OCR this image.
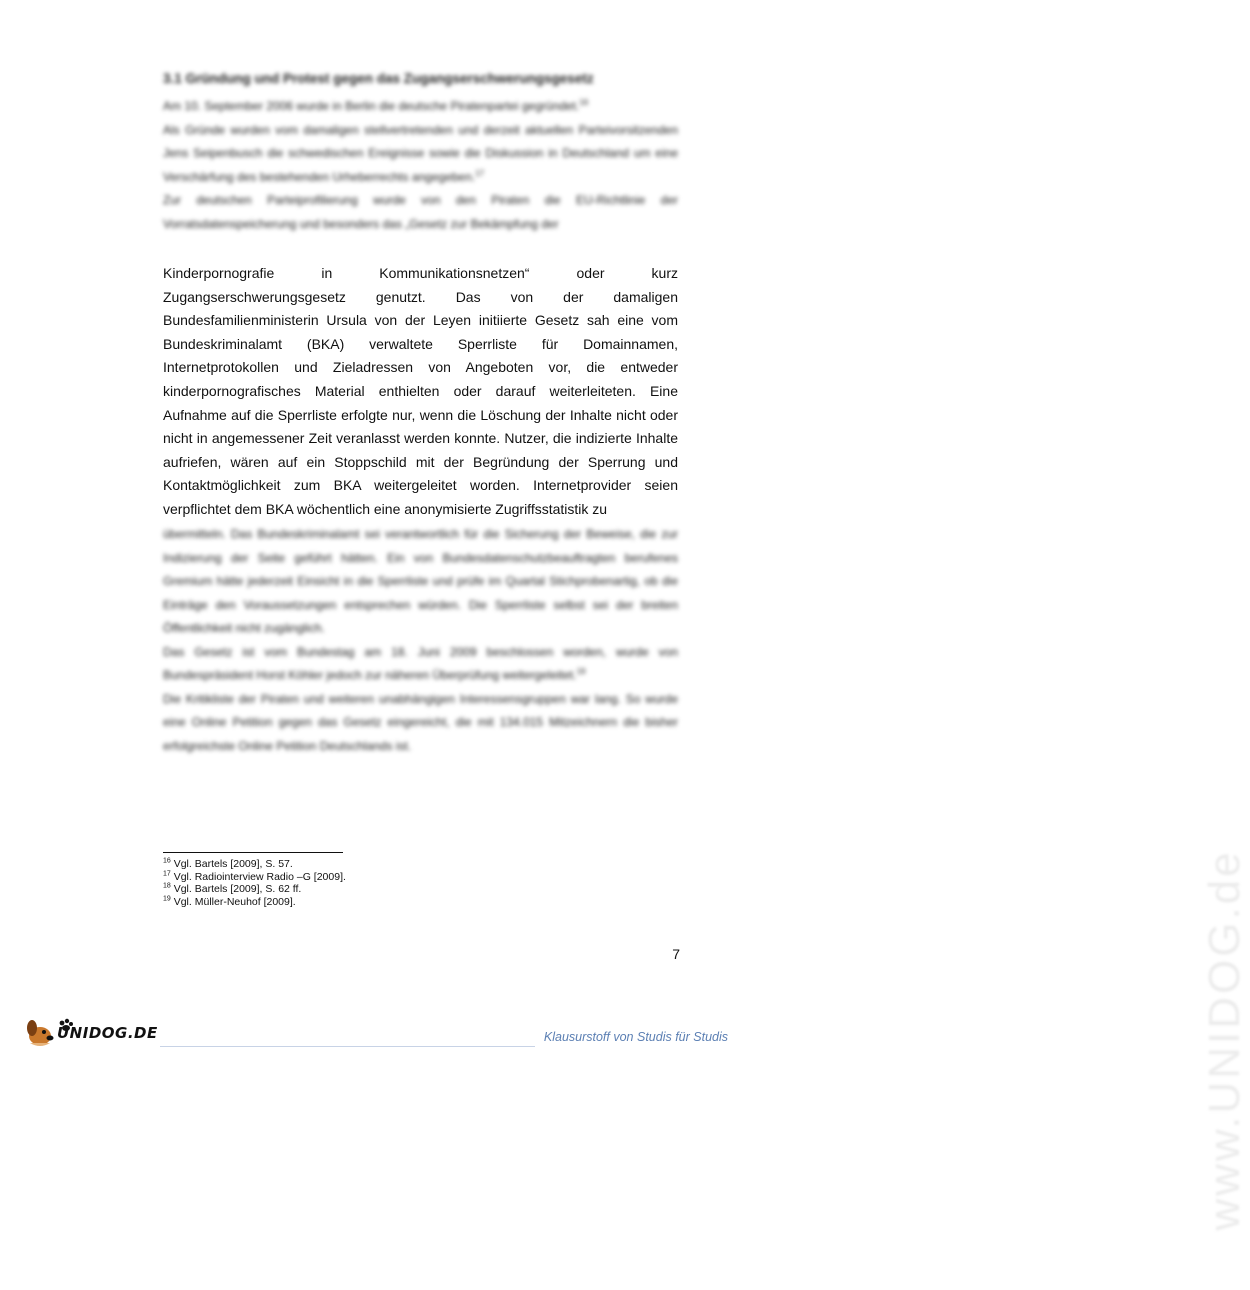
3.1 Gründung und Protest gegen das Zugangserschwerungsgesetz

Am 10. September 2006 wurde in Berlin die deutsche Piratenpartei gegründet.$^{16}$

Als Gründe wurden vom damaligen stellvertretenden und derzeit aktuellen Parteivorsitzenden Jens Seipenbusch die schwedischen Ereignisse sowie die Diskussion in Deutschland um eine Verschärfung des bestehenden Urheberrechts angegeben.$^{17}$

Zur deutschen Parteiprofilierung wurde von den Piraten die EU-Richtlinie der Vorratsdatenspeicherung und besonders das „Gesetz zur Bekämpfung der

Kinderpornografie in Kommunikationsnetzen“ oder kurz Zugangserschwerungsgesetz genutzt. Das von der damaligen Bundesfamilienministerin Ursula von der Leyen initiierte Gesetz sah eine vom Bundeskriminalamt (BKA) verwaltete Sperrliste für Domainnamen, Internetprotokollen und Zieladressen von Angeboten vor, die entweder kinderpornografisches Material enthielten oder darauf weiterleiteten. Eine Aufnahme auf die Sperrliste erfolgte nur, wenn die Löschung der Inhalte nicht oder nicht in angemessener Zeit veranlasst werden konnte. Nutzer, die indizierte Inhalte aufriefen, wären auf ein Stoppschild mit der Begründung der Sperrung und Kontaktmöglichkeit zum BKA weitergeleitet worden. Internetprovider seien verpflichtet dem BKA wöchentlich eine anonymisierte Zugriffsstatistik zu

übermitteln. Das Bundeskriminalamt sei verantwortlich für die Sicherung der Beweise, die zur Indizierung der Seite geführt hätten. Ein von Bundesdatenschutzbeauftragten berufenes Gremium hätte jederzeit Einsicht in die Sperrliste und prüfe im Quartal Stichprobenartig, ob die Einträge den Voraussetzungen entsprechen würden. Die Sperrliste selbst sei der breiten Öffentlichkeit nicht zugänglich.

Das Gesetz ist vom Bundestag am 18. Juni 2009 beschlossen worden, wurde von Bundespräsident Horst Köhler jedoch zur näheren Überprüfung weitergeleitet.$^{19}$

Die Kritikliste der Piraten und weiteren unabhängigen Interessensgruppen war lang. So wurde eine Online Petition gegen das Gesetz eingereicht, die mit 134.015 Mitzeichnern die bisher erfolgreichste Online Petition Deutschlands ist.

$^{16}$ Vgl. Bartels [2009], S. 57.
$^{17}$ Vgl. Radiointerview Radio –G [2009].
$^{18}$ Vgl. Bartels [2009], S. 62 ff.
$^{19}$ Vgl. Müller-Neuhof [2009].
7	www.UNIDOG.de
UNIDOG.DE	Klausurstoff von Studis für Studis
